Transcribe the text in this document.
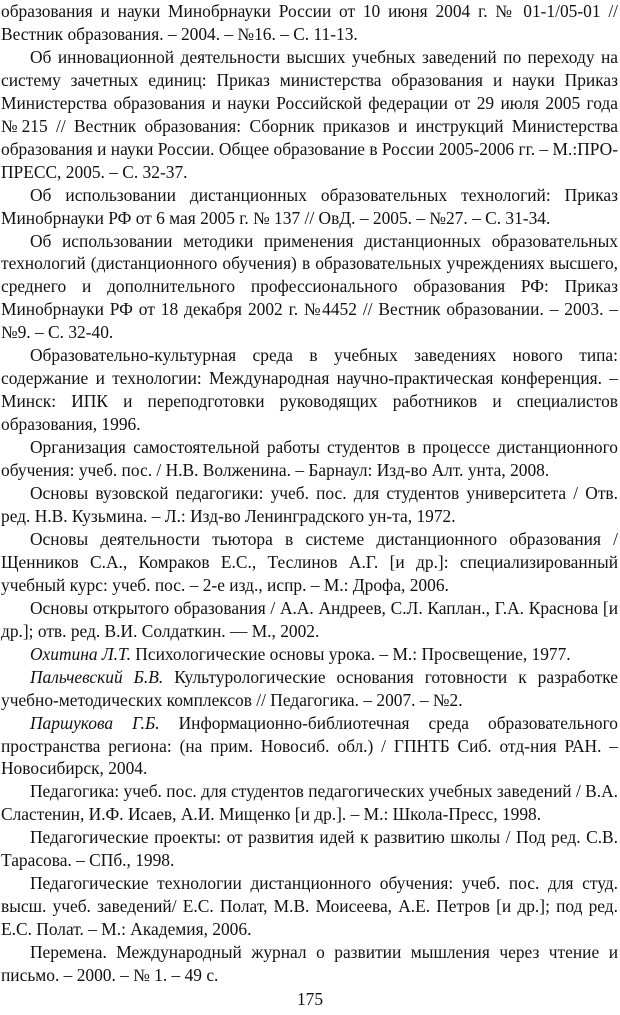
образования и науки Минобрнауки России от 10 июня 2004 г. № 01-1/05-01 // Вестник образования. – 2004. – №16. – С. 11-13.

Об инновационной деятельности высших учебных заведений по переходу на систему зачетных единиц: Приказ министерства образования и науки Приказ Министерства образования и науки Российской федерации от 29 июля 2005 года №215 // Вестник образования: Сборник приказов и инструкций Министерства образования и науки России. Общее образование в России 2005-2006 гг. – М.:ПРО-ПРЕСС, 2005. – С. 32-37.

Об использовании дистанционных образовательных технологий: Приказ Минобрнауки РФ от 6 мая 2005 г. № 137 // ОвД. – 2005. – №27. – С. 31-34.

Об использовании методики применения дистанционных образовательных технологий (дистанционного обучения) в образовательных учреждениях высшего, среднего и дополнительного профессионального образования РФ: Приказ Минобрнауки РФ от 18 декабря 2002 г. №4452 // Вестник образовании. – 2003. – №9. – С. 32-40.

Образовательно-культурная среда в учебных заведениях нового типа: содержание и технологии: Международная научно-практическая конференция. – Минск: ИПК и переподготовки руководящих работников и специалистов образования, 1996.

Организация самостоятельной работы студентов в процессе дистанционного обучения: учеб. пос. / Н.В. Волженина. – Барнаул: Изд-во Алт. унта, 2008.

Основы вузовской педагогики: учеб. пос. для студентов университета / Отв. ред. Н.В. Кузьмина. – Л.: Изд-во Ленинградского ун-та, 1972.

Основы деятельности тьютора в системе дистанционного образования / Щенников С.А., Комраков Е.С., Теслинов А.Г. [и др.]: специализированный учебный курс: учеб. пос. – 2-е изд., испр. – М.: Дрофа, 2006.

Основы открытого образования / А.А. Андреев, С.Л. Каплан., Г.А. Краснова [и др.]; отв. ред. В.И. Солдаткин. — М., 2002.

Охитина Л.Т. Психологические основы урока. – М.: Просвещение, 1977.

Пальчевский Б.В. Культурологические основания готовности к разработке учебно-методических комплексов // Педагогика. – 2007. – №2.

Паршукова Г.Б. Информационно-библиотечная среда образовательного пространства региона: (на прим. Новосиб. обл.) / ГПНТБ Сиб. отд-ния РАН. – Новосибирск, 2004.

Педагогика: учеб. пос. для студентов педагогических учебных заведений / В.А. Сластенин, И.Ф. Исаев, А.И. Мищенко [и др.]. – М.: Школа-Пресс, 1998.

Педагогические проекты: от развития идей к развитию школы / Под ред. С.В. Тарасова. – СПб., 1998.

Педагогические технологии дистанционного обучения: учеб. пос. для студ. высш. учеб. заведений/ Е.С. Полат, М.В. Моисеева, А.Е. Петров [и др.]; под ред. Е.С. Полат. – М.: Академия, 2006.

Перемена. Международный журнал о развитии мышления через чтение и письмо. – 2000. – № 1. – 49 с.

175
